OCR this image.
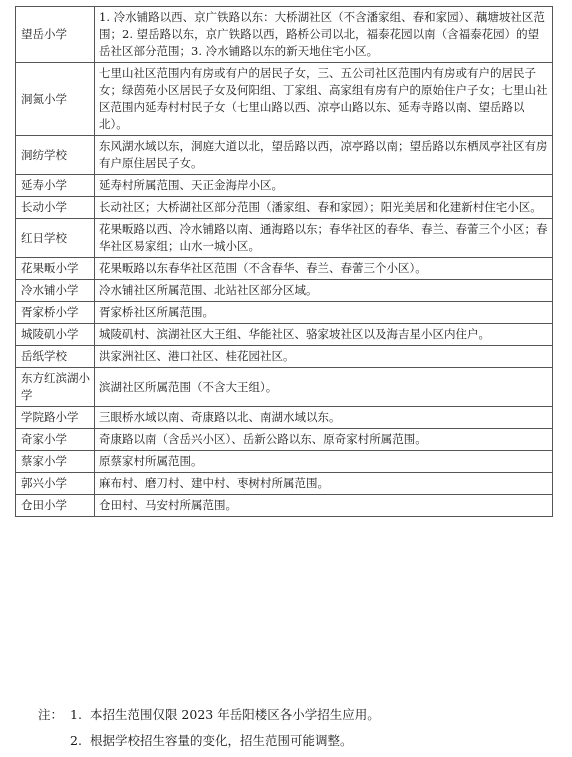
望岳小学	1. 冷水铺路以西、京广铁路以东：大桥湖社区（不含潘家组、春和家园）、藕塘坡社区范围；2. 望岳路以东，京广铁路以西，路桥公司以北，福泰花园以南（含福泰花园）的望岳社区部分范围；3. 冷水铺路以东的新天地住宅小区。
洞氮小学	七里山社区范围内有房或有户的居民子女，三、五公司社区范围内有房或有户的居民子女；绿茵苑小区居民子女及何阳组、丁家组、高家组有房有户的原始住户子女；七里山社区范围内延寿村村民子女（七里山路以西、凉亭山路以东、延寿寺路以南、望岳路以北）。
洞纺学校	东风湖水域以东，洞庭大道以北，望岳路以西，凉亭路以南；望岳路以东栖凤亭社区有房有户原住居民子女。
延寿小学	延寿村所属范围、天正金海岸小区。
长动小学	长动社区；大桥湖社区部分范围（潘家组、春和家园）；阳光美居和化建新村住宅小区。
红日学校	花果畈路以西、冷水铺路以南、通海路以东；春华社区的春华、春兰、春蕾三个小区；春华社区易家组；山水一城小区。
花果畈小学	花果畈路以东春华社区范围（不含春华、春兰、春蕾三个小区）。
冷水铺小学	冷水铺社区所属范围、北站社区部分区域。
胥家桥小学	胥家桥社区所属范围。
城陵矶小学	城陵矶村、滨湖社区大王组、华能社区、骆家坡社区以及海吉星小区内住户。
岳纸学校	洪家洲社区、港口社区、桂花园社区。
东方红滨湖小学	滨湖社区所属范围（不含大王组）。
学院路小学	三眼桥水域以南、奇康路以北、南湖水域以东。
奇家小学	奇康路以南（含岳兴小区）、岳新公路以东、原奇家村所属范围。
蔡家小学	原蔡家村所属范围。
郭兴小学	麻布村、磨刀村、建中村、枣树村所属范围。
仓田小学	仓田村、马安村所属范围。
注： 1. 本招生范围仅限 2023 年岳阳楼区各小学招生应用。
2. 根据学校招生容量的变化，招生范围可能调整。
